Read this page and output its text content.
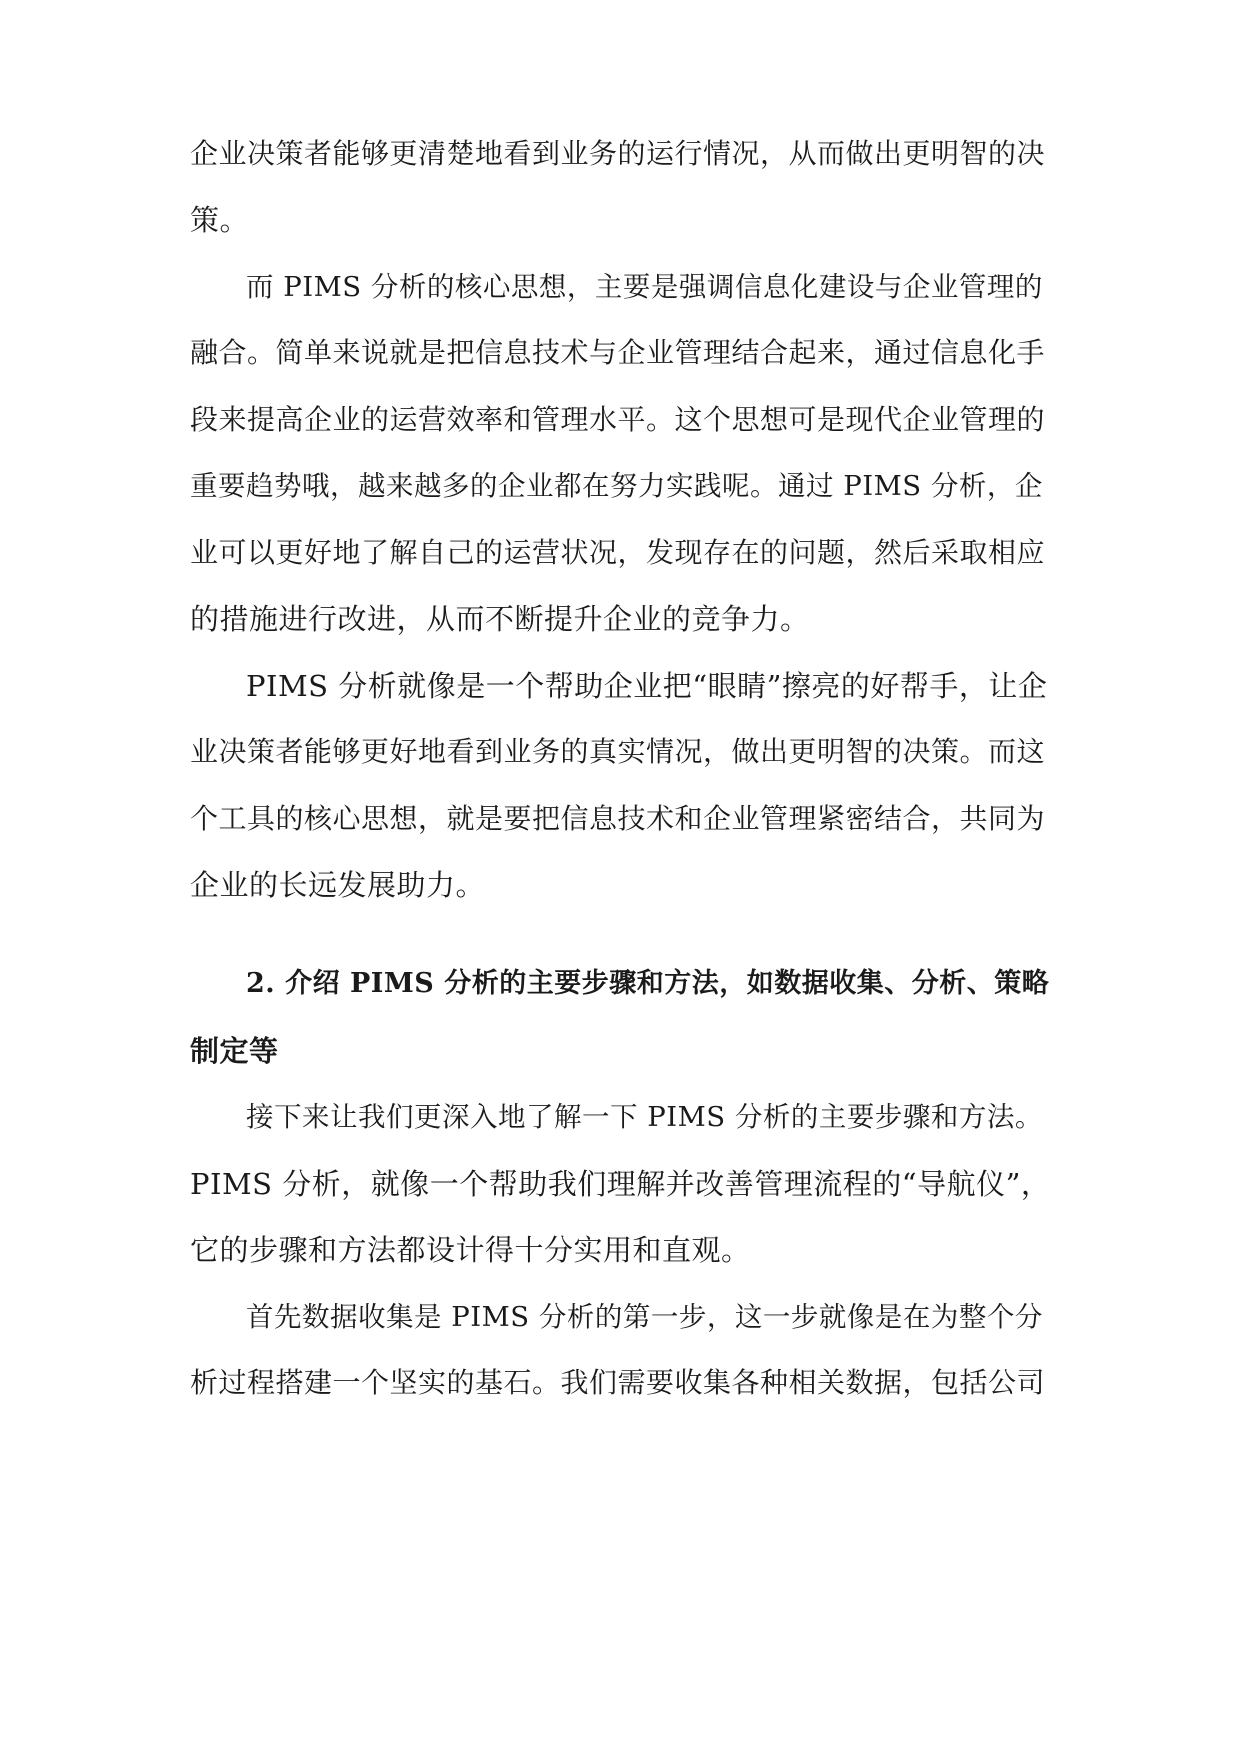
企业决策者能够更清楚地看到业务的运行情况，从而做出更明智的决
策。
而 PIMS 分析的核心思想，主要是强调信息化建设与企业管理的
融合。简单来说就是把信息技术与企业管理结合起来，通过信息化手
段来提高企业的运营效率和管理水平。这个思想可是现代企业管理的
重要趋势哦，越来越多的企业都在努力实践呢。通过 PIMS 分析，企
业可以更好地了解自己的运营状况，发现存在的问题，然后采取相应
的措施进行改进，从而不断提升企业的竞争力。
PIMS 分析就像是一个帮助企业把“眼睛”擦亮的好帮手，让企
业决策者能够更好地看到业务的真实情况，做出更明智的决策。而这
个工具的核心思想，就是要把信息技术和企业管理紧密结合，共同为
企业的长远发展助力。
2. 介绍 PIMS 分析的主要步骤和方法，如数据收集、分析、策略
制定等
接下来让我们更深入地了解一下 PIMS 分析的主要步骤和方法。
PIMS 分析，就像一个帮助我们理解并改善管理流程的“导航仪”，
它的步骤和方法都设计得十分实用和直观。
首先数据收集是 PIMS 分析的第一步，这一步就像是在为整个分
析过程搭建一个坚实的基石。我们需要收集各种相关数据，包括公司
